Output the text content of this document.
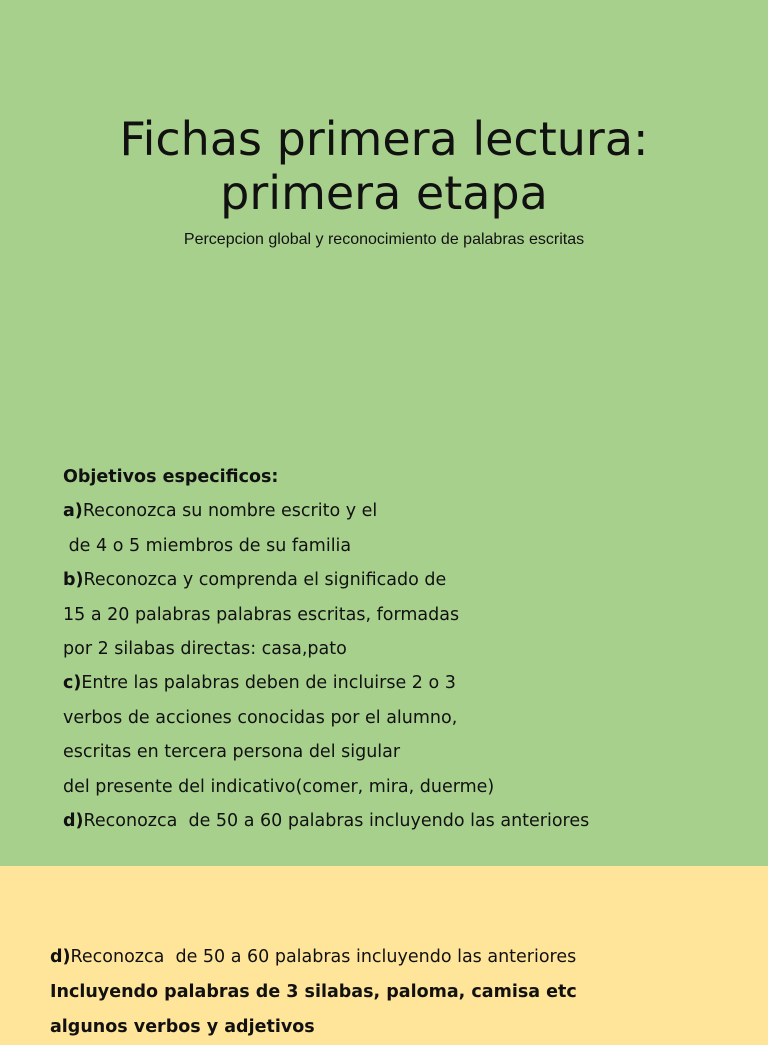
Fichas primera lectura:
primera etapa
Percepcion global y reconocimiento de palabras escritas
Objetivos especificos:
a)Reconozca su nombre escrito y el
de 4 o 5 miembros de su familia
b)Reconozca y comprenda el significado de
15 a 20 palabras palabras escritas, formadas
por 2 silabas directas: casa,pato
c)Entre las palabras deben de incluirse 2 o 3
verbos de acciones conocidas por el alumno,
escritas en tercera persona del sigular
del presente del indicativo(comer, mira, duerme)
d)Reconozca  de 50 a 60 palabras incluyendo las anteriores
d)Reconozca  de 50 a 60 palabras incluyendo las anteriores
Incluyendo palabras de 3 silabas, paloma, camisa etc
algunos verbos y adjetivos
